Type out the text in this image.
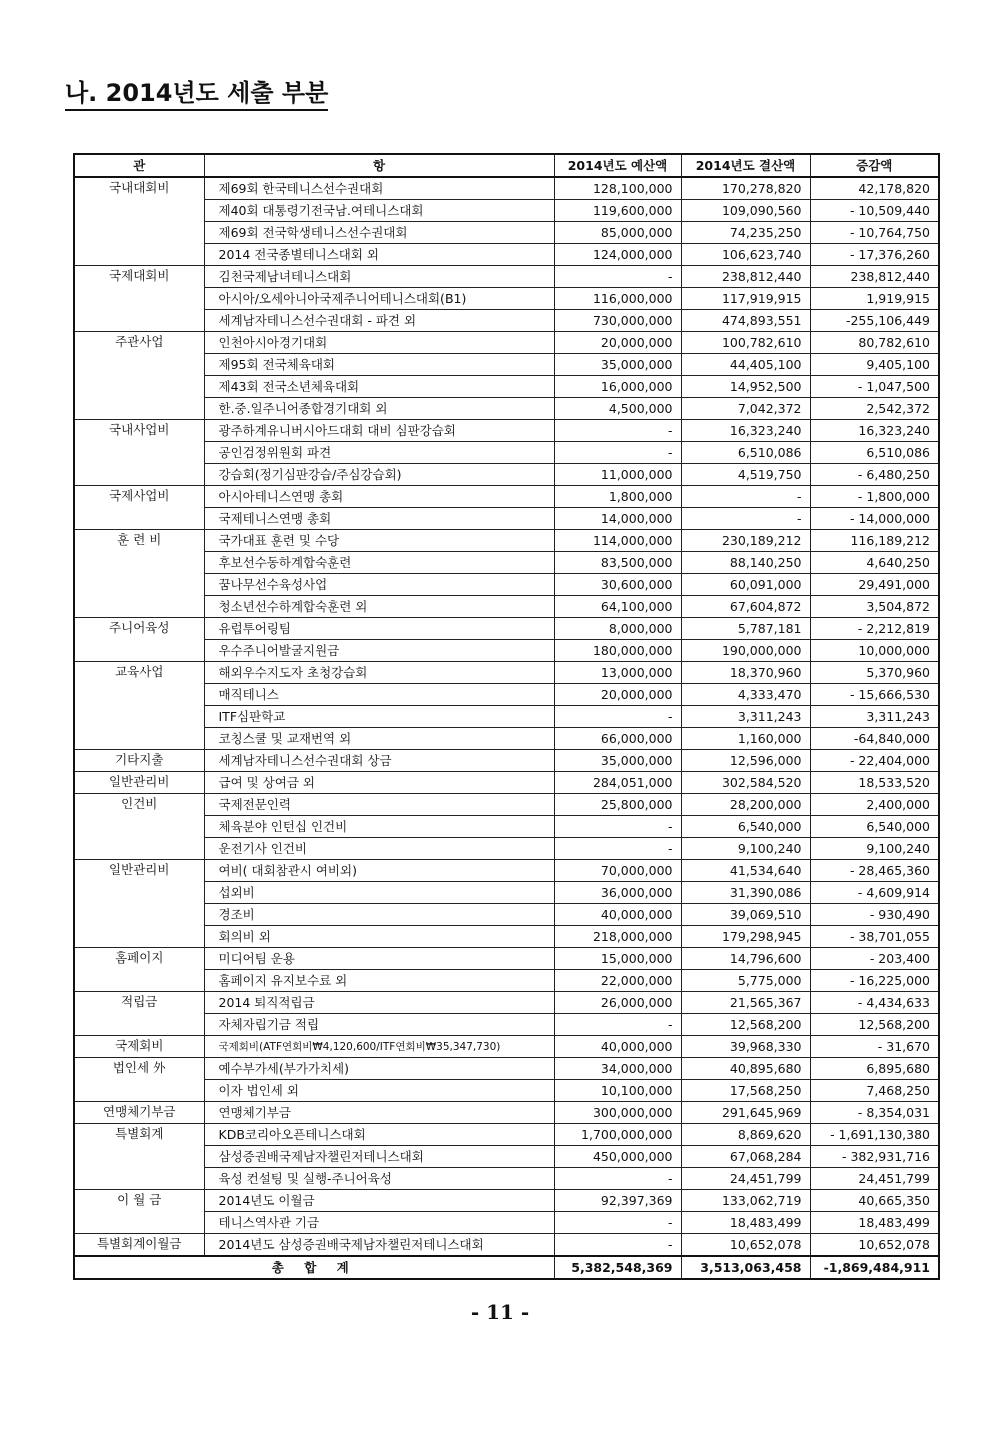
나. 2014년도 세출 부분
관	항	2014년도 예산액	2014년도 결산액	증감액
국내대회비	제69회 한국테니스선수권대회	128,100,000	170,278,820	42,178,820
	제40회 대통령기전국남.여테니스대회	119,600,000	109,090,560	- 10,509,440
	제69회 전국학생테니스선수권대회	85,000,000	74,235,250	- 10,764,750
	2014 전국종별테니스대회 외	124,000,000	106,623,740	- 17,376,260
국제대회비	김천국제남녀테니스대회	-	238,812,440	238,812,440
	아시아/오세아니아국제주니어테니스대회(B1)	116,000,000	117,919,915	1,919,915
	세계남자테니스선수권대회 - 파견 외	730,000,000	474,893,551	-255,106,449
주관사업	인천아시아경기대회	20,000,000	100,782,610	80,782,610
	제95회 전국체육대회	35,000,000	44,405,100	9,405,100
	제43회 전국소년체육대회	16,000,000	14,952,500	- 1,047,500
	한.중.일주니어종합경기대회 외	4,500,000	7,042,372	2,542,372
국내사업비	광주하계유니버시아드대회 대비 심판강습회	-	16,323,240	16,323,240
	공인검정위원회 파견	-	6,510,086	6,510,086
	강습회(정기심판강습/주심강습회)	11,000,000	4,519,750	- 6,480,250
국제사업비	아시아테니스연맹 총회	1,800,000	-	- 1,800,000
	국제테니스연맹 총회	14,000,000	-	- 14,000,000
훈 련 비	국가대표 훈련 및 수당	114,000,000	230,189,212	116,189,212
	후보선수동하계합숙훈련	83,500,000	88,140,250	4,640,250
	꿈나무선수육성사업	30,600,000	60,091,000	29,491,000
	청소년선수하계합숙훈련 외	64,100,000	67,604,872	3,504,872
주니어육성	유럽투어링팀	8,000,000	5,787,181	- 2,212,819
	우수주니어발굴지원금	180,000,000	190,000,000	10,000,000
교육사업	해외우수지도자 초청강습회	13,000,000	18,370,960	5,370,960
	매직테니스	20,000,000	4,333,470	- 15,666,530
	ITF심판학교	-	3,311,243	3,311,243
	코칭스쿨 및 교재번역 외	66,000,000	1,160,000	-64,840,000
기타지출	세계남자테니스선수권대회 상금	35,000,000	12,596,000	- 22,404,000
일반관리비	급여 및 상여금 외	284,051,000	302,584,520	18,533,520
인건비	국제전문인력	25,800,000	28,200,000	2,400,000
	체육분야 인턴십 인건비	-	6,540,000	6,540,000
	운전기사 인건비	-	9,100,240	9,100,240
일반관리비	여비( 대회참관시 여비외)	70,000,000	41,534,640	- 28,465,360
	섭외비	36,000,000	31,390,086	- 4,609,914
	경조비	40,000,000	39,069,510	- 930,490
	회의비 외	218,000,000	179,298,945	- 38,701,055
홈페이지	미디어팀 운용	15,000,000	14,796,600	- 203,400
	홈페이지 유지보수료 외	22,000,000	5,775,000	- 16,225,000
적립금	2014 퇴직적립금	26,000,000	21,565,367	- 4,434,633
	자체자립기금 적립	-	12,568,200	12,568,200
국제회비	국제회비(ATF연회비₩4,120,600/ITF연회비₩35,347,730)	40,000,000	39,968,330	- 31,670
법인세 外	예수부가세(부가가치세)	34,000,000	40,895,680	6,895,680
	이자 법인세 외	10,100,000	17,568,250	7,468,250
연맹체기부금	연맹체기부금	300,000,000	291,645,969	- 8,354,031
특별회계	KDB코리아오픈테니스대회	1,700,000,000	8,869,620	- 1,691,130,380
	삼성증권배국제남자챌린저테니스대회	450,000,000	67,068,284	- 382,931,716
	육성 컨설팅 및 실행-주니어육성	-	24,451,799	24,451,799
이 월 금	2014년도 이월금	92,397,369	133,062,719	40,665,350
	테니스역사관 기금	-	18,483,499	18,483,499
특별회계이월금	2014년도 삼성증권배국제남자챌린저테니스대회	-	10,652,078	10,652,078
총 합 계		5,382,548,369	3,513,063,458	-1,869,484,911
- 11 -
